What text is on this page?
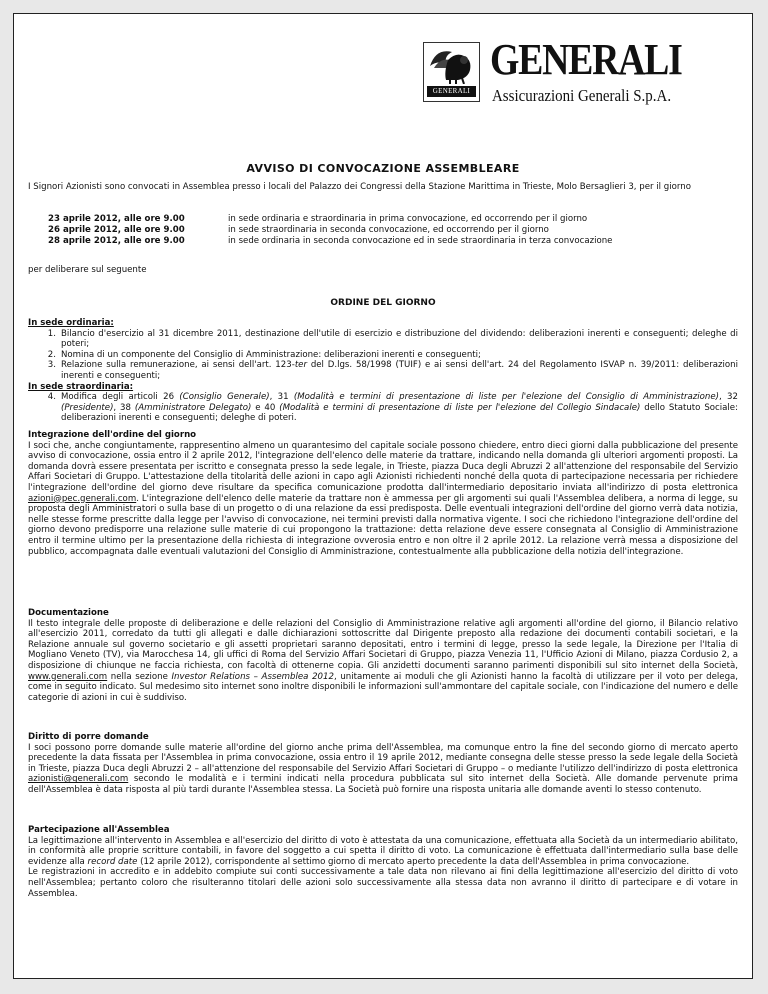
GENERALI
GENERALI
Assicurazioni Generali S.p.A.
AVVISO DI CONVOCAZIONE ASSEMBLEARE
I Signori Azionisti sono convocati in Assemblea presso i locali del Palazzo dei Congressi della Stazione Marittima in Trieste, Molo Bersaglieri 3, per il giorno
23 aprile 2012, alle ore 9.00	in sede ordinaria e straordinaria in prima convocazione, ed occorrendo per il giorno
26 aprile 2012, alle ore 9.00	in sede straordinaria in seconda convocazione, ed occorrendo per il giorno
28 aprile 2012, alle ore 9.00	in sede ordinaria in seconda convocazione ed in sede straordinaria in terza convocazione
per deliberare sul seguente
ORDINE DEL GIORNO
In sede ordinaria:
1. Bilancio d'esercizio al 31 dicembre 2011, destinazione dell'utile di esercizio e distribuzione del dividendo: deliberazioni inerenti e conseguenti; deleghe di poteri;
2. Nomina di un componente del Consiglio di Amministrazione: deliberazioni inerenti e conseguenti;
3. Relazione sulla remunerazione, ai sensi dell'art. 123-ter del D.lgs. 58/1998 (TUIF) e ai sensi dell'art. 24 del Regolamento ISVAP n. 39/2011: deliberazioni inerenti e conseguenti;
In sede straordinaria:
4. Modifica degli articoli 26 (Consiglio Generale), 31 (Modalità e termini di presentazione di liste per l'elezione del Consiglio di Amministrazione), 32 (Presidente), 38 (Amministratore Delegato) e 40 (Modalità e termini di presentazione di liste per l'elezione del Collegio Sindacale) dello Statuto Sociale: deliberazioni inerenti e conseguenti; deleghe di poteri.
Integrazione dell'ordine del giorno

I soci che, anche congiuntamente, rappresentino almeno un quarantesimo del capitale sociale possono chiedere, entro dieci giorni dalla pubblicazione del presente avviso di convocazione, ossia entro il 2 aprile 2012, l'integrazione dell'elenco delle materie da trattare, indicando nella domanda gli ulteriori argomenti proposti. La domanda dovrà essere presentata per iscritto e consegnata presso la sede legale, in Trieste, piazza Duca degli Abruzzi 2 all'attenzione del responsabile del Servizio Affari Societari di Gruppo. L'attestazione della titolarità delle azioni in capo agli Azionisti richiedenti nonché della quota di partecipazione necessaria per richiedere l'integrazione dell'ordine del giorno deve risultare da specifica comunicazione prodotta dall'intermediario depositario inviata all'indirizzo di posta elettronica azioni@pec.generali.com. L'integrazione dell'elenco delle materie da trattare non è ammessa per gli argomenti sui quali l'Assemblea delibera, a norma di legge, su proposta degli Amministratori o sulla base di un progetto o di una relazione da essi predisposta. Delle eventuali integrazioni dell'ordine del giorno verrà data notizia, nelle stesse forme prescritte dalla legge per l'avviso di convocazione, nei termini previsti dalla normativa vigente. I soci che richiedono l'integrazione dell'ordine del giorno devono predisporre una relazione sulle materie di cui propongono la trattazione: detta relazione deve essere consegnata al Consiglio di Amministrazione entro il termine ultimo per la presentazione della richiesta di integrazione ovverosia entro e non oltre il 2 aprile 2012. La relazione verrà messa a disposizione del pubblico, accompagnata dalle eventuali valutazioni del Consiglio di Amministrazione, contestualmente alla pubblicazione della notizia dell'integrazione.

Documentazione

Il testo integrale delle proposte di deliberazione e delle relazioni del Consiglio di Amministrazione relative agli argomenti all'ordine del giorno, il Bilancio relativo all'esercizio 2011, corredato da tutti gli allegati e dalle dichiarazioni sottoscritte dal Dirigente preposto alla redazione dei documenti contabili societari, e la Relazione annuale sul governo societario e gli assetti proprietari saranno depositati, entro i termini di legge, presso la sede legale, la Direzione per l'Italia di Mogliano Veneto (TV), via Marocchesa 14, gli uffici di Roma del Servizio Affari Societari di Gruppo, piazza Venezia 11, l'Ufficio Azioni di Milano, piazza Cordusio 2, a disposizione di chiunque ne faccia richiesta, con facoltà di ottenerne copia. Gli anzidetti documenti saranno parimenti disponibili sul sito internet della Società, www.generali.com nella sezione Investor Relations – Assemblea 2012, unitamente ai moduli che gli Azionisti hanno la facoltà di utilizzare per il voto per delega, come in seguito indicato. Sul medesimo sito internet sono inoltre disponibili le informazioni sull'ammontare del capitale sociale, con l'indicazione del numero e delle categorie di azioni in cui è suddiviso.

Diritto di porre domande

I soci possono porre domande sulle materie all'ordine del giorno anche prima dell'Assemblea, ma comunque entro la fine del secondo giorno di mercato aperto precedente la data fissata per l'Assemblea in prima convocazione, ossia entro il 19 aprile 2012, mediante consegna delle stesse presso la sede legale della Società in Trieste, piazza Duca degli Abruzzi 2 – all'attenzione del responsabile del Servizio Affari Societari di Gruppo – o mediante l'utilizzo dell'indirizzo di posta elettronica azionisti@generali.com secondo le modalità e i termini indicati nella procedura pubblicata sul sito internet della Società. Alle domande pervenute prima dell'Assemblea è data risposta al più tardi durante l'Assemblea stessa. La Società può fornire una risposta unitaria alle domande aventi lo stesso contenuto.

Partecipazione all'Assemblea

La legittimazione all'intervento in Assemblea e all'esercizio del diritto di voto è attestata da una comunicazione, effettuata alla Società da un intermediario abilitato, in conformità alle proprie scritture contabili, in favore del soggetto a cui spetta il diritto di voto. La comunicazione è effettuata dall'intermediario sulla base delle evidenze alla record date (12 aprile 2012), corrispondente al settimo giorno di mercato aperto precedente la data dell'Assemblea in prima convocazione.

Le registrazioni in accredito e in addebito compiute sui conti successivamente a tale data non rilevano ai fini della legittimazione all'esercizio del diritto di voto nell'Assemblea; pertanto coloro che risulteranno titolari delle azioni solo successivamente alla stessa data non avranno il diritto di partecipare e di votare in Assemblea.
